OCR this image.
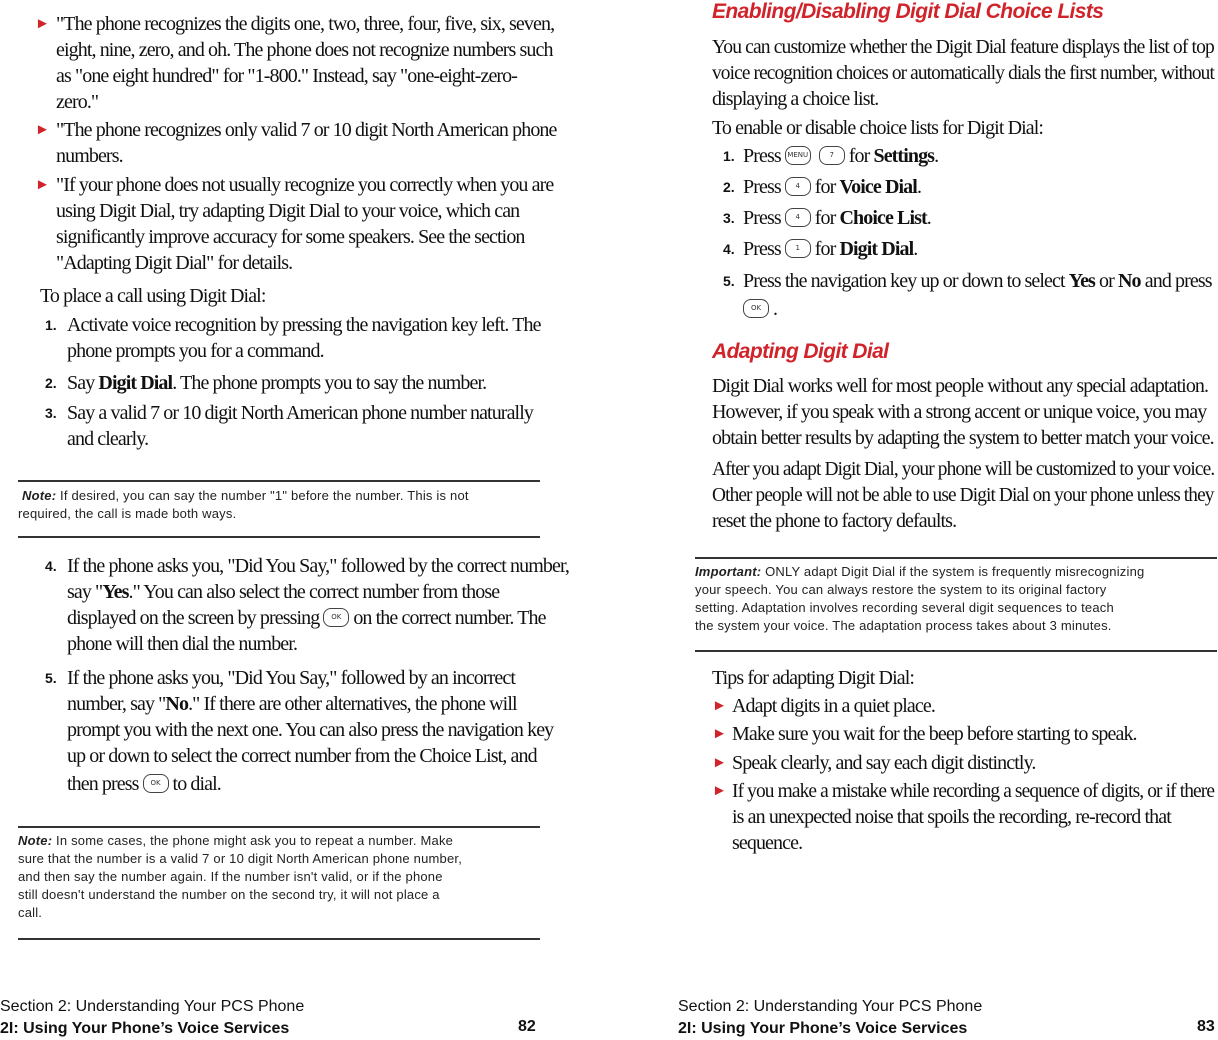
► "The phone recognizes the digits one, two, three, four, five, six, seven,
eight, nine, zero, and oh. The phone does not recognize numbers such
as "one eight hundred" for "1-800." Instead, say "one-eight-zero-
zero."
► "The phone recognizes only valid 7 or 10 digit North American phone
numbers.
► "If your phone does not usually recognize you correctly when you are
using Digit Dial, try adapting Digit Dial to your voice, which can
significantly improve accuracy for some speakers. See the section
"Adapting Digit Dial" for details.
To place a call using Digit Dial:
1. Activate voice recognition by pressing the navigation key left. The
phone prompts you for a command.
2. Say Digit Dial. The phone prompts you to say the number.
3. Say a valid 7 or 10 digit North American phone number naturally
and clearly.
Note: If desired, you can say the number "1" before the number. This is not
required, the call is made both ways.
4. If the phone asks you, "Did You Say," followed by the correct number,
say "Yes." You can also select the correct number from those
displayed on the screen by pressing OK on the correct number. The
phone will then dial the number.
5. If the phone asks you, "Did You Say," followed by an incorrect
number, say "No." If there are other alternatives, the phone will
prompt you with the next one. You can also press the navigation key
up or down to select the correct number from the Choice List, and
then press OK to dial.
Note: In some cases, the phone might ask you to repeat a number. Make
sure that the number is a valid 7 or 10 digit North American phone number,
and then say the number again. If the number isn't valid, or if the phone
still doesn't understand the number on the second try, it will not place a
call.
Section 2: Understanding Your PCS Phone
2I: Using Your Phone’s Voice Services	82
Enabling/Disabling Digit Dial Choice Lists
You can customize whether the Digit Dial feature displays the list of top
voice recognition choices or automatically dials the first number, without
displaying a choice list.
To enable or disable choice lists for Digit Dial:
1. Press MENU	7 for Settings.
2. Press 4 for Voice Dial.
3. Press 4 for Choice List.
4. Press 1 for Digit Dial.
5. Press the navigation key up or down to select Yes or No and press
OK .
Adapting Digit Dial
Digit Dial works well for most people without any special adaptation.
However, if you speak with a strong accent or unique voice, you may
obtain better results by adapting the system to better match your voice.
After you adapt Digit Dial, your phone will be customized to your voice.
Other people will not be able to use Digit Dial on your phone unless they
reset the phone to factory defaults.
Important: ONLY adapt Digit Dial if the system is frequently misrecognizing
your speech. You can always restore the system to its original factory
setting. Adaptation involves recording several digit sequences to teach
the system your voice. The adaptation process takes about 3 minutes.
Tips for adapting Digit Dial:
► Adapt digits in a quiet place.
► Make sure you wait for the beep before starting to speak.
► Speak clearly, and say each digit distinctly.
► If you make a mistake while recording a sequence of digits, or if there
is an unexpected noise that spoils the recording, re-record that
sequence.
Section 2: Understanding Your PCS Phone
2I: Using Your Phone’s Voice Services	83
